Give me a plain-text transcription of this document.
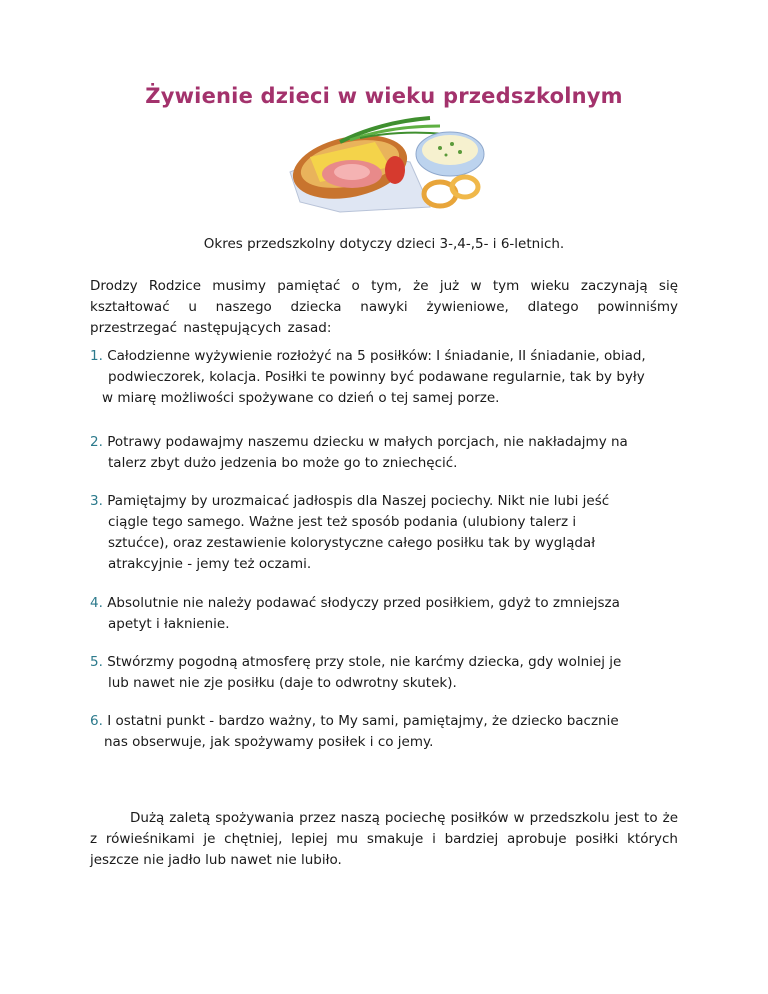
Żywienie dzieci w wieku przedszkolnym
Okres przedszkolny dotyczy dzieci 3-,4-,5- i 6-letnich.
Drodzy Rodzice musimy pamiętać o tym, że już w tym wieku zaczynają się kształtować u naszego dziecka nawyki żywieniowe, dlatego powinniśmy przestrzegać następujących zasad:
1. Całodzienne wyżywienie rozłożyć na 5 posiłków: I śniadanie, II śniadanie, obiad,
podwieczorek, kolacja. Posiłki te powinny być podawane regularnie, tak by były
w miarę możliwości spożywane co dzień o tej samej porze.
2. Potrawy podawajmy naszemu dziecku w małych porcjach, nie nakładajmy na
talerz zbyt dużo jedzenia bo może go to zniechęcić.
3. Pamiętajmy by urozmaicać jadłospis dla Naszej pociechy. Nikt nie lubi jeść
ciągle tego samego. Ważne jest też sposób podania (ulubiony talerz i
sztućce), oraz zestawienie kolorystyczne całego posiłku tak by wyglądał
atrakcyjnie - jemy też oczami.
4. Absolutnie nie należy podawać słodyczy przed posiłkiem, gdyż to zmniejsza
apetyt i łaknienie.
5. Stwórzmy pogodną atmosferę przy stole, nie karćmy dziecka, gdy wolniej je
lub nawet nie zje posiłku (daje to odwrotny skutek).
6. I ostatni punkt - bardzo ważny, to My sami, pamiętajmy, że dziecko bacznie
nas obserwuje, jak spożywamy posiłek i co jemy.
Dużą zaletą spożywania przez naszą pociechę posiłków w przedszkolu jest to że z rówieśnikami je chętniej, lepiej mu smakuje i bardziej aprobuje posiłki których jeszcze nie jadło lub nawet nie lubiło.
